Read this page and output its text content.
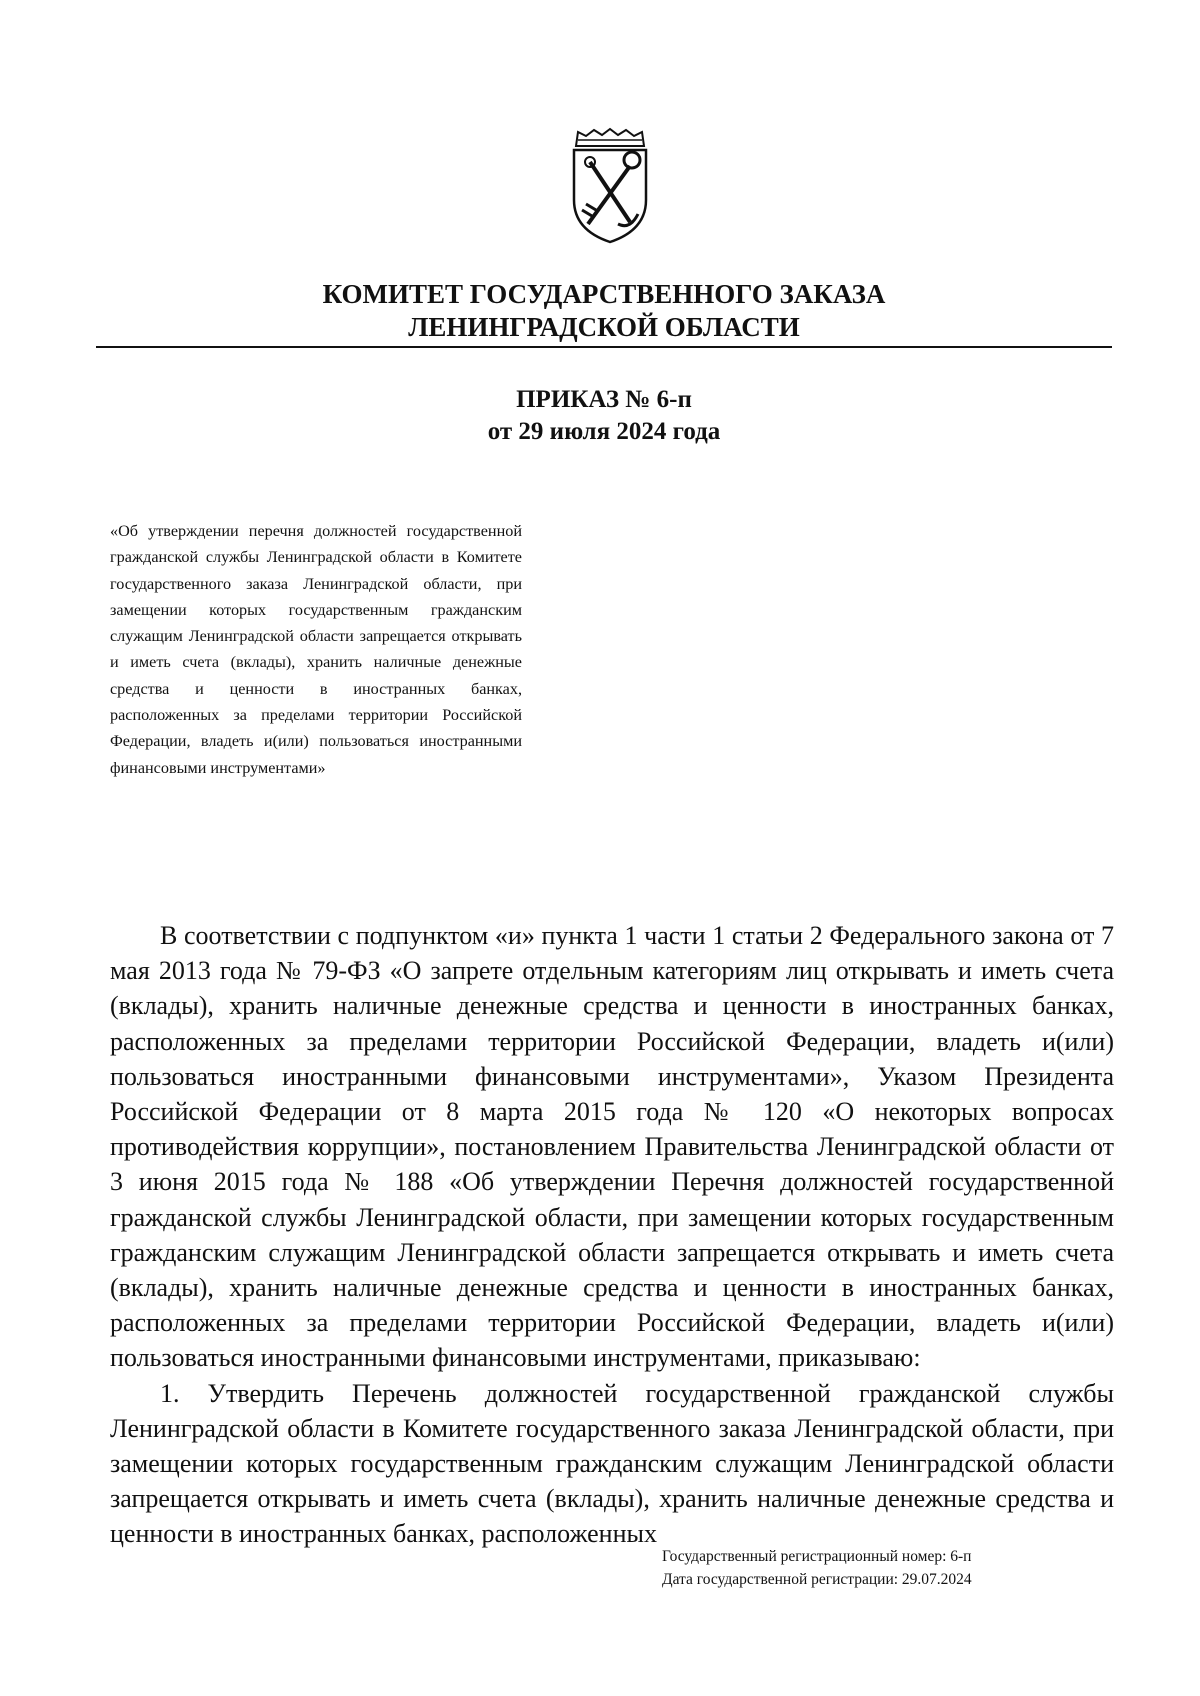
КОМИТЕТ ГОСУДАРСТВЕННОГО ЗАКАЗА
ЛЕНИНГРАДСКОЙ ОБЛАСТИ
ПРИКАЗ № 6-п
от 29 июля 2024 года
«Об утверждении перечня должностей государственной гражданской службы Ленинградской области в Комитете государственного заказа Ленинградской области, при замещении которых государственным гражданским служащим Ленинградской области запрещается открывать и иметь счета (вклады), хранить наличные денежные средства и ценности в иностранных банках, расположенных за пределами территории Российской Федерации, владеть и(или) пользоваться иностранными финансовыми инструментами»

В соответствии с подпунктом «и» пункта 1 части 1 статьи 2 Федерального закона от 7 мая 2013 года № 79-ФЗ «О запрете отдельным категориям лиц открывать и иметь счета (вклады), хранить наличные денежные средства и ценности в иностранных банках, расположенных за пределами территории Российской Федерации, владеть и(или) пользоваться иностранными финансовыми инструментами», Указом Президента Российской Федерации от 8 марта 2015 года № 120 «О некоторых вопросах противодействия коррупции», постановлением Правительства Ленинградской области от 3 июня 2015 года № 188 «Об утверждении Перечня должностей государственной гражданской службы Ленинградской области, при замещении которых государственным гражданским служащим Ленинградской области запрещается открывать и иметь счета (вклады), хранить наличные денежные средства и ценности в иностранных банках, расположенных за пределами территории Российской Федерации, владеть и(или) пользоваться иностранными финансовыми инструментами, приказываю:

1. Утвердить Перечень должностей государственной гражданской службы Ленинградской области в Комитете государственного заказа Ленинградской области, при замещении которых государственным гражданским служащим Ленинградской области запрещается открывать и иметь счета (вклады), хранить наличные денежные средства и ценности в иностранных банках, расположенных

Государственный регистрационный номер: 6-п
Дата государственной регистрации: 29.07.2024
